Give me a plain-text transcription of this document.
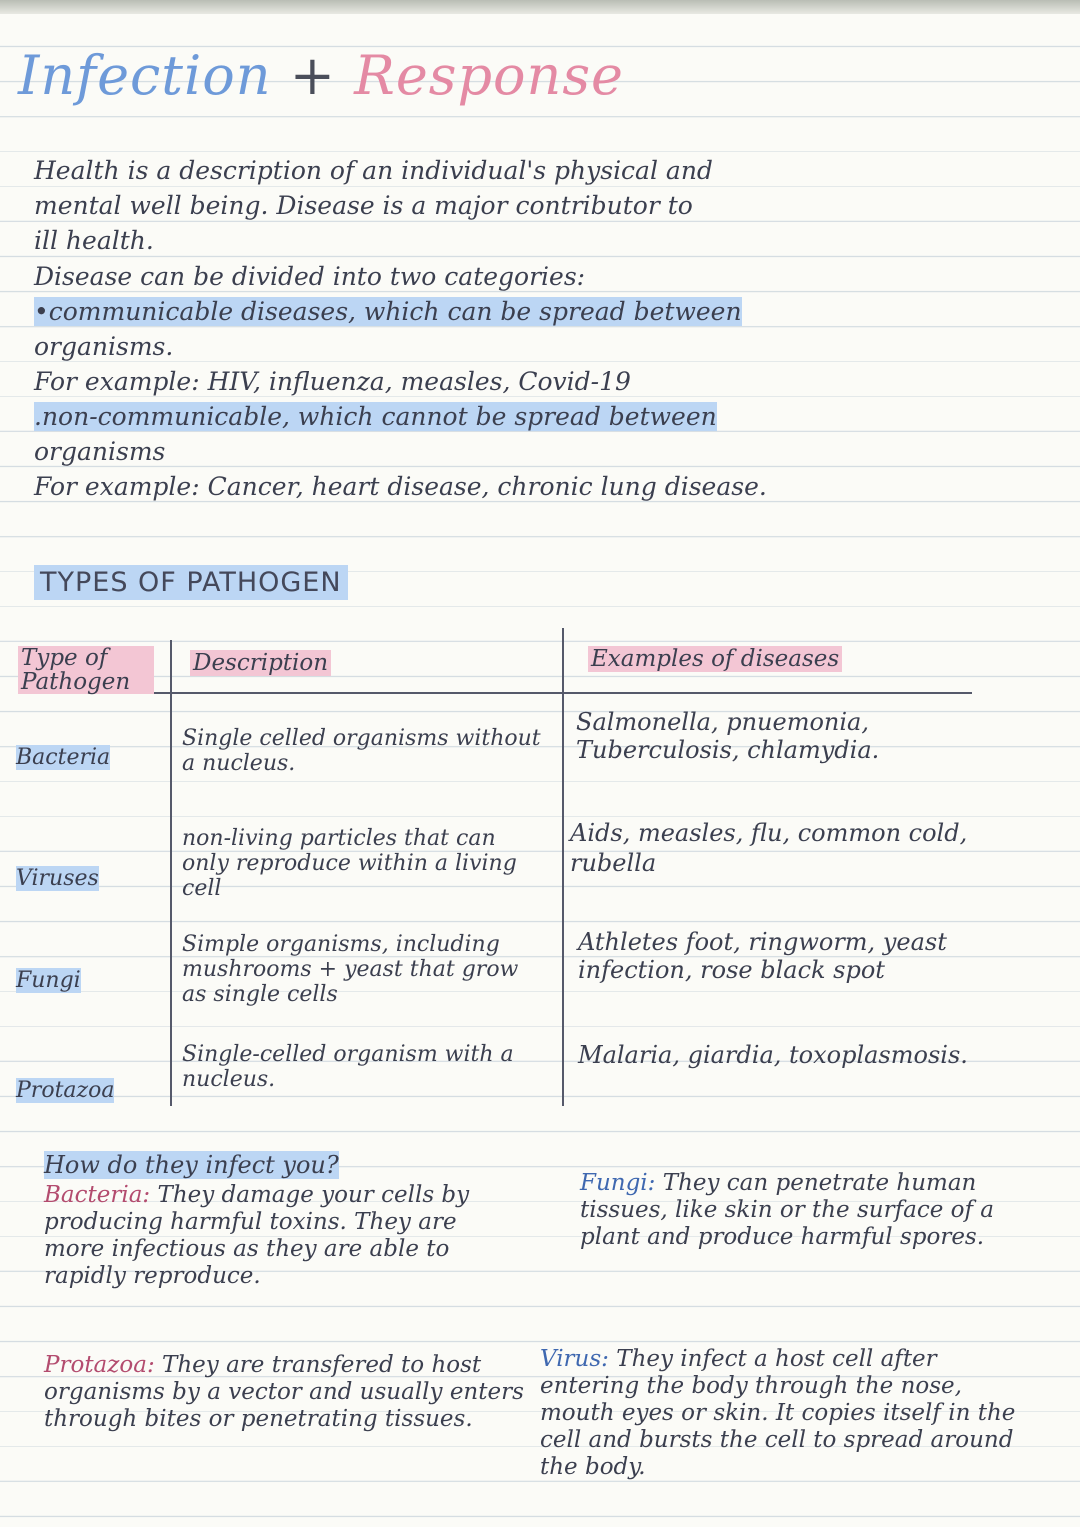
Infection + Response
Health is a description of an individual's physical and
mental well being. Disease is a major contributor to
ill health.
Disease can be divided into two categories:
•communicable diseases, which can be spread between
organisms.
For example: HIV, influenza, measles, Covid-19
.non-communicable, which cannot be spread between
organisms
For example: Cancer, heart disease, chronic lung disease.
TYPES OF PATHOGEN
Type of Pathogen
Description	Examples of diseases
Bacteria
Single celled organisms without a nucleus.
Salmonella, pnuemonia, Tuberculosis, chlamydia.
Viruses
non-living particles that can only reproduce within a living cell
Aids, measles, flu, common cold, rubella
Fungi
Simple organisms, including mushrooms + yeast that grow as single cells
Athletes foot, ringworm, yeast infection, rose black spot
Protazoa
Single-celled organism with a nucleus.
Malaria, giardia, toxoplasmosis.
How do they infect you?
Bacteria: They damage your cells by producing harmful toxins. They are more infectious as they are able to rapidly reproduce.
Fungi: They can penetrate human tissues, like skin or the surface of a plant and produce harmful spores.
Protazoa: They are transfered to host organisms by a vector and usually enters through bites or penetrating tissues.
Virus: They infect a host cell after entering the body through the nose, mouth eyes or skin. It copies itself in the cell and bursts the cell to spread around the body.
